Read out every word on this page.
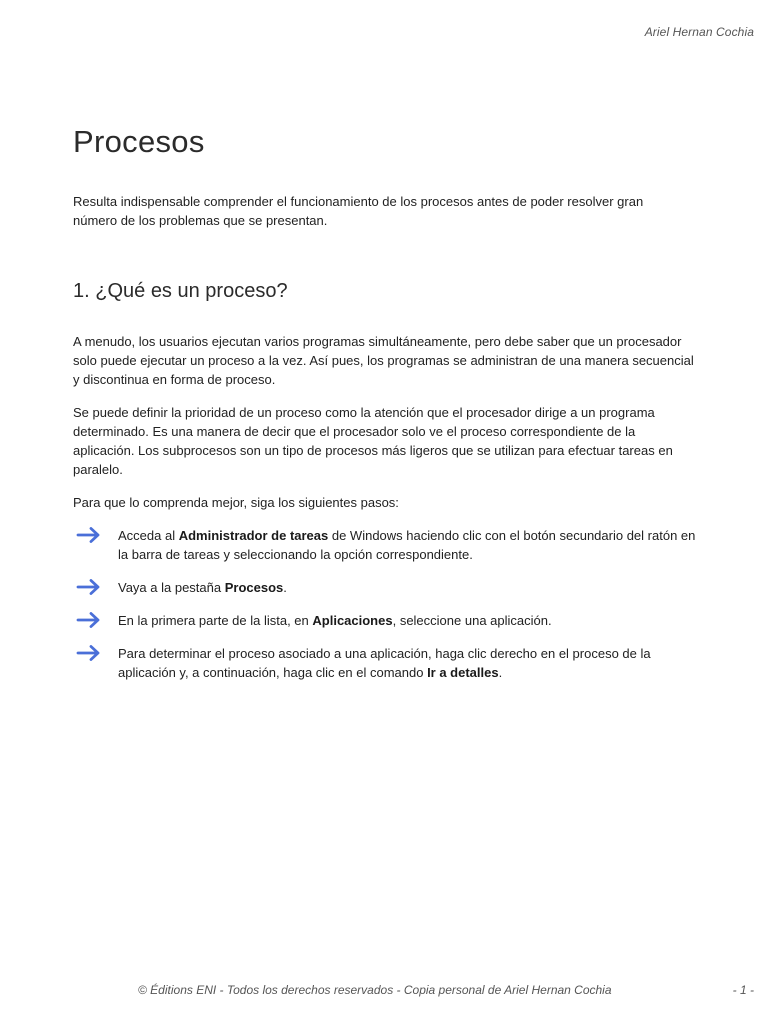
Ariel Hernan Cochia
Procesos

Resulta indispensable comprender el funcionamiento de los procesos antes de poder resolver gran número de los problemas que se presentan.

1. ¿Qué es un proceso?

A menudo, los usuarios ejecutan varios programas simultáneamente, pero debe saber que un procesador solo puede ejecutar un proceso a la vez. Así pues, los programas se administran de una manera secuencial y discontinua en forma de proceso.

Se puede definir la prioridad de un proceso como la atención que el procesador dirige a un programa determinado. Es una manera de decir que el procesador solo ve el proceso correspondiente de la aplicación. Los subprocesos son un tipo de procesos más ligeros que se utilizan para efectuar tareas en paralelo.

Para que lo comprenda mejor, siga los siguientes pasos:

Acceda al Administrador de tareas de Windows haciendo clic con el botón secundario del ratón en la barra de tareas y seleccionando la opción correspondiente.
Vaya a la pestaña Procesos.
En la primera parte de la lista, en Aplicaciones, seleccione una aplicación.
Para determinar el proceso asociado a una aplicación, haga clic derecho en el proceso de la aplicación y, a continuación, haga clic en el comando Ir a detalles.
© Éditions ENI - Todos los derechos reservados - Copia personal de Ariel Hernan Cochia	- 1 -
